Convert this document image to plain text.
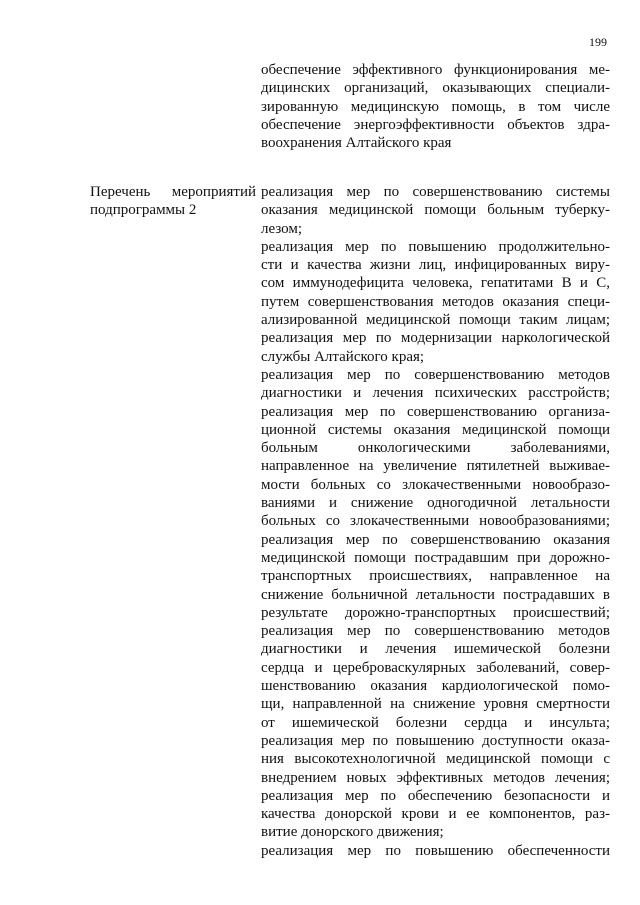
199
обеспечение эффективного функционирования ме-
дицинских организаций, оказывающих специали-
зированную медицинскую помощь, в том числе
обеспечение энергоэффективности объектов здра-
воохранения Алтайского края
Перечень мероприятий
подпрограммы 2
реализация мер по совершенствованию системы
оказания медицинской помощи больным туберку-
лезом;
реализация мер по повышению продолжительно-
сти и качества жизни лиц, инфицированных виру-
сом иммунодефицита человека, гепатитами В и С,
путем совершенствования методов оказания специ-
ализированной медицинской помощи таким лицам;
реализация мер по модернизации наркологической
службы Алтайского края;
реализация мер по совершенствованию методов
диагностики и лечения психических расстройств;
реализация мер по совершенствованию организа-
ционной системы оказания медицинской помощи
больным онкологическими заболеваниями,
направленное на увеличение пятилетней выживае-
мости больных со злокачественными новообразо-
ваниями и снижение одногодичной летальности
больных со злокачественными новообразованиями;
реализация мер по совершенствованию оказания
медицинской помощи пострадавшим при дорожно-
транспортных происшествиях, направленное на
снижение больничной летальности пострадавших в
результате дорожно-транспортных происшествий;
реализация мер по совершенствованию методов
диагностики и лечения ишемической болезни
сердца и цереброваскулярных заболеваний, совер-
шенствованию оказания кардиологической помо-
щи, направленной на снижение уровня смертности
от ишемической болезни сердца и инсульта;
реализация мер по повышению доступности оказа-
ния высокотехнологичной медицинской помощи с
внедрением новых эффективных методов лечения;
реализация мер по обеспечению безопасности и
качества донорской крови и ее компонентов, раз-
витие донорского движения;
реализация мер по повышению обеспеченности
